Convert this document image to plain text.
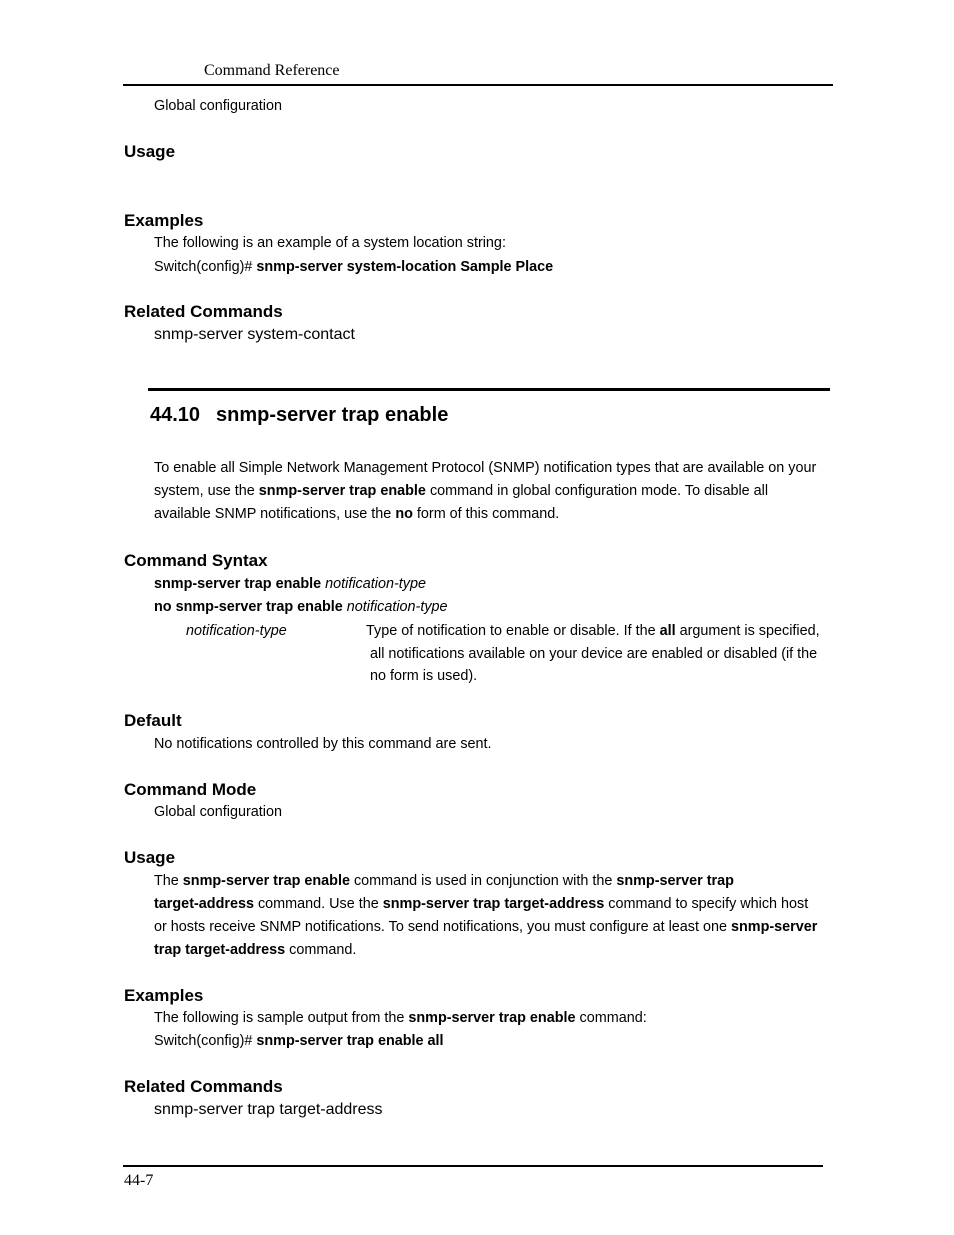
Command Reference
Global configuration
Usage
Examples
The following is an example of a system location string:
Switch(config)# snmp-server system-location Sample Place
Related Commands
snmp-server system-contact
44.10 snmp-server trap enable
To enable all Simple Network Management Protocol (SNMP) notification types that are available on your
system, use the snmp-server trap enable command in global configuration mode. To disable all
available SNMP notifications, use the no form of this command.
Command Syntax
snmp-server trap enable notification-type
no snmp-server trap enable notification-type
notification-type	Type of notification to enable or disable. If the all argument is specified,
all notifications available on your device are enabled or disabled (if the
no form is used).
Default
No notifications controlled by this command are sent.
Command Mode
Global configuration
Usage
The snmp-server trap enable command is used in conjunction with the snmp-server trap
target-address command. Use the snmp-server trap target-address command to specify which host
or hosts receive SNMP notifications. To send notifications, you must configure at least one snmp-server
trap target-address command.
Examples
The following is sample output from the snmp-server trap enable command:
Switch(config)# snmp-server trap enable all
Related Commands
snmp-server trap target-address
44-7
